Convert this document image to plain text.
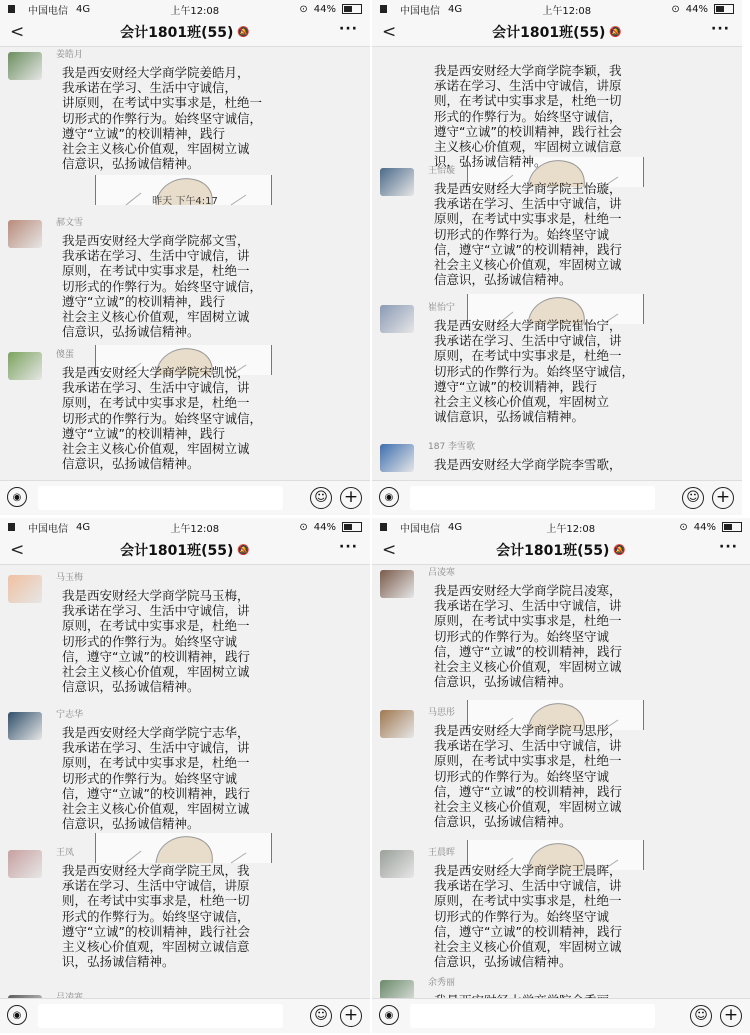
中国电信 4G	上午12:08	⊙ 44%
<	会计1801班(55) 🔕	···
昨天 下午4:17
姜皓月
我是西安财经大学商学院姜皓月，
我承诺在学习、生活中守诚信，
讲原则，在考试中实事求是，杜绝一
切形式的作弊行为。始终坚守诚信，
遵守“立诚”的校训精神，践行
社会主义核心价值观，牢固树立诚
信意识，弘扬诚信精神。
郝文雪
我是西安财经大学商学院郝文雪，
我承诺在学习、生活中守诚信，讲
原则，在考试中实事求是，杜绝一
切形式的作弊行为。始终坚守诚信，
遵守“立诚”的校训精神，践行
社会主义核心价值观，牢固树立诚
信意识，弘扬诚信精神。
傻蛋
我是西安财经大学商学院宋凯悦，
我承诺在学习、生活中守诚信，讲
原则，在考试中实事求是，杜绝一
切形式的作弊行为。始终坚守诚信，
遵守“立诚”的校训精神，践行
社会主义核心价值观，牢固树立诚
信意识，弘扬诚信精神。
◉	☺ +
中国电信 4G	上午12:08	⊙ 44%
<	会计1801班(55) 🔕	···
我是西安财经大学商学院李颖，我
承诺在学习、生活中守诚信，讲原
则，在考试中实事求是，杜绝一切
形式的作弊行为。始终坚守诚信，
遵守“立诚”的校训精神，践行社会
主义核心价值观，牢固树立诚信意
识，弘扬诚信精神。
王怡璇
我是西安财经大学商学院王怡璇，
我承诺在学习、生活中守诚信，讲
原则，在考试中实事求是，杜绝一
切形式的作弊行为。始终坚守诚
信，遵守“立诚”的校训精神，践行
社会主义核心价值观，牢固树立诚
信意识，弘扬诚信精神。
崔怡宁
我是西安财经大学商学院崔怡宁，
我承诺在学习、生活中守诚信，讲
原则，在考试中实事求是，杜绝一
切形式的作弊行为。始终坚守诚信，
遵守“立诚”的校训精神，践行
社会主义核心价值观，牢固树立
诚信意识，弘扬诚信精神。
187 李雪歌
我是西安财经大学商学院李雪歌，
◉	☺ +
中国电信 4G	上午12:08	⊙ 44%
<	会计1801班(55) 🔕	···
马玉梅
我是西安财经大学商学院马玉梅，
我承诺在学习、生活中守诚信，讲
原则，在考试中实事求是，杜绝一
切形式的作弊行为。始终坚守诚
信，遵守“立诚”的校训精神，践行
社会主义核心价值观，牢固树立诚
信意识，弘扬诚信精神。
宁志华
我是西安财经大学商学院宁志华，
我承诺在学习、生活中守诚信，讲
原则，在考试中实事求是，杜绝一
切形式的作弊行为。始终坚守诚
信，遵守“立诚”的校训精神，践行
社会主义核心价值观，牢固树立诚
信意识，弘扬诚信精神。
王凤
我是西安财经大学商学院王凤，我
承诺在学习、生活中守诚信，讲原
则，在考试中实事求是，杜绝一切
形式的作弊行为。始终坚守诚信，
遵守“立诚”的校训精神，践行社会
主义核心价值观，牢固树立诚信意
识，弘扬诚信精神。
◉	☺ +
中国电信 4G	上午12:08	⊙ 44%
<	会计1801班(55) 🔕	···
吕凌寒
我是西安财经大学商学院吕凌寒，
我承诺在学习、生活中守诚信，讲
原则，在考试中实事求是，杜绝一
切形式的作弊行为。始终坚守诚
信，遵守“立诚”的校训精神，践行
社会主义核心价值观，牢固树立诚
信意识，弘扬诚信精神。
马思彤
我是西安财经大学商学院马思彤，
我承诺在学习、生活中守诚信，讲
原则，在考试中实事求是，杜绝一
切形式的作弊行为。始终坚守诚
信，遵守“立诚”的校训精神，践行
社会主义核心价值观，牢固树立诚
信意识，弘扬诚信精神。
王晨晖
我是西安财经大学商学院王晨晖，
我承诺在学习、生活中守诚信，讲
原则，在考试中实事求是，杜绝一
切形式的作弊行为。始终坚守诚
信，遵守“立诚”的校训精神，践行
社会主义核心价值观，牢固树立诚
信意识，弘扬诚信精神。
余秀丽
◉	☺ +
